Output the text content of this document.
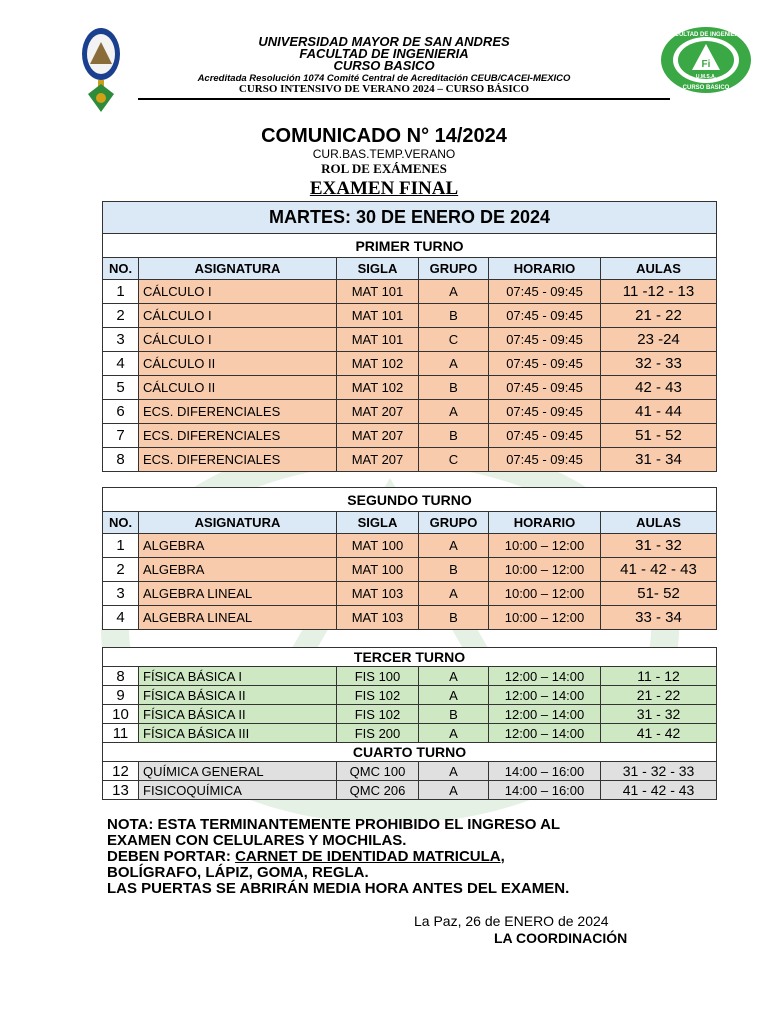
Fi
FACULTAD DE INGENIERIA
U.M.S.A.
CURSO BASICO
UNIVERSIDAD MAYOR DE SAN ANDRES
FACULTAD DE INGENIERIA
CURSO BASICO
Acreditada Resolución 1074 Comité Central de Acreditación CEUB/CACEI-MEXICO
CURSO INTENSIVO DE VERANO 2024 – CURSO BÁSICO
COMUNICADO N° 14/2024
CUR.BAS.TEMP.VERANO
ROL DE EXÁMENES
EXAMEN FINAL
MARTES: 30 DE ENERO DE 2024					
PRIMER TURNO					
NO.	ASIGNATURA	SIGLA	GRUPO	HORARIO	AULAS
1	CÁLCULO I	MAT 101	A	07:45 - 09:45	11 -12 - 13
2	CÁLCULO I	MAT 101	B	07:45 - 09:45	21 - 22
3	CÁLCULO I	MAT 101	C	07:45 - 09:45	23 -24
4	CÁLCULO II	MAT 102	A	07:45 - 09:45	32 - 33
5	CÁLCULO II	MAT 102	B	07:45 - 09:45	42 - 43
6	ECS. DIFERENCIALES	MAT 207	A	07:45 - 09:45	41 - 44
7	ECS. DIFERENCIALES	MAT 207	B	07:45 - 09:45	51 - 52
8	ECS. DIFERENCIALES	MAT 207	C	07:45 - 09:45	31 - 34
SEGUNDO TURNO					
NO.	ASIGNATURA	SIGLA	GRUPO	HORARIO	AULAS
1	ALGEBRA	MAT 100	A	10:00 – 12:00	31 - 32
2	ALGEBRA	MAT 100	B	10:00 – 12:00	41 - 42 - 43
3	ALGEBRA LINEAL	MAT 103	A	10:00 – 12:00	51- 52
4	ALGEBRA LINEAL	MAT 103	B	10:00 – 12:00	33 - 34
TERCER TURNO					
8	FÍSICA BÁSICA I	FIS 100	A	12:00 – 14:00	11 - 12
9	FÍSICA BÁSICA II	FIS 102	A	12:00 – 14:00	21 - 22
10	FÍSICA BÁSICA II	FIS 102	B	12:00 – 14:00	31 - 32
11	FÍSICA BÁSICA III	FIS 200	A	12:00 – 14:00	41 - 42
CUARTO TURNO					
12	QUÍMICA GENERAL	QMC 100	A	14:00 – 16:00	31 - 32 - 33
13	FISICOQUÍMICA	QMC 206	A	14:00 – 16:00	41 - 42 - 43
NOTA: ESTA TERMINANTEMENTE PROHIBIDO EL INGRESO AL
EXAMEN CON CELULARES Y MOCHILAS.
DEBEN PORTAR: CARNET DE IDENTIDAD MATRICULA,
BOLÍGRAFO, LÁPIZ, GOMA, REGLA.
LAS PUERTAS SE ABRIRÁN MEDIA HORA ANTES DEL EXAMEN.
La Paz, 26 de ENERO de 2024
LA COORDINACIÓN
